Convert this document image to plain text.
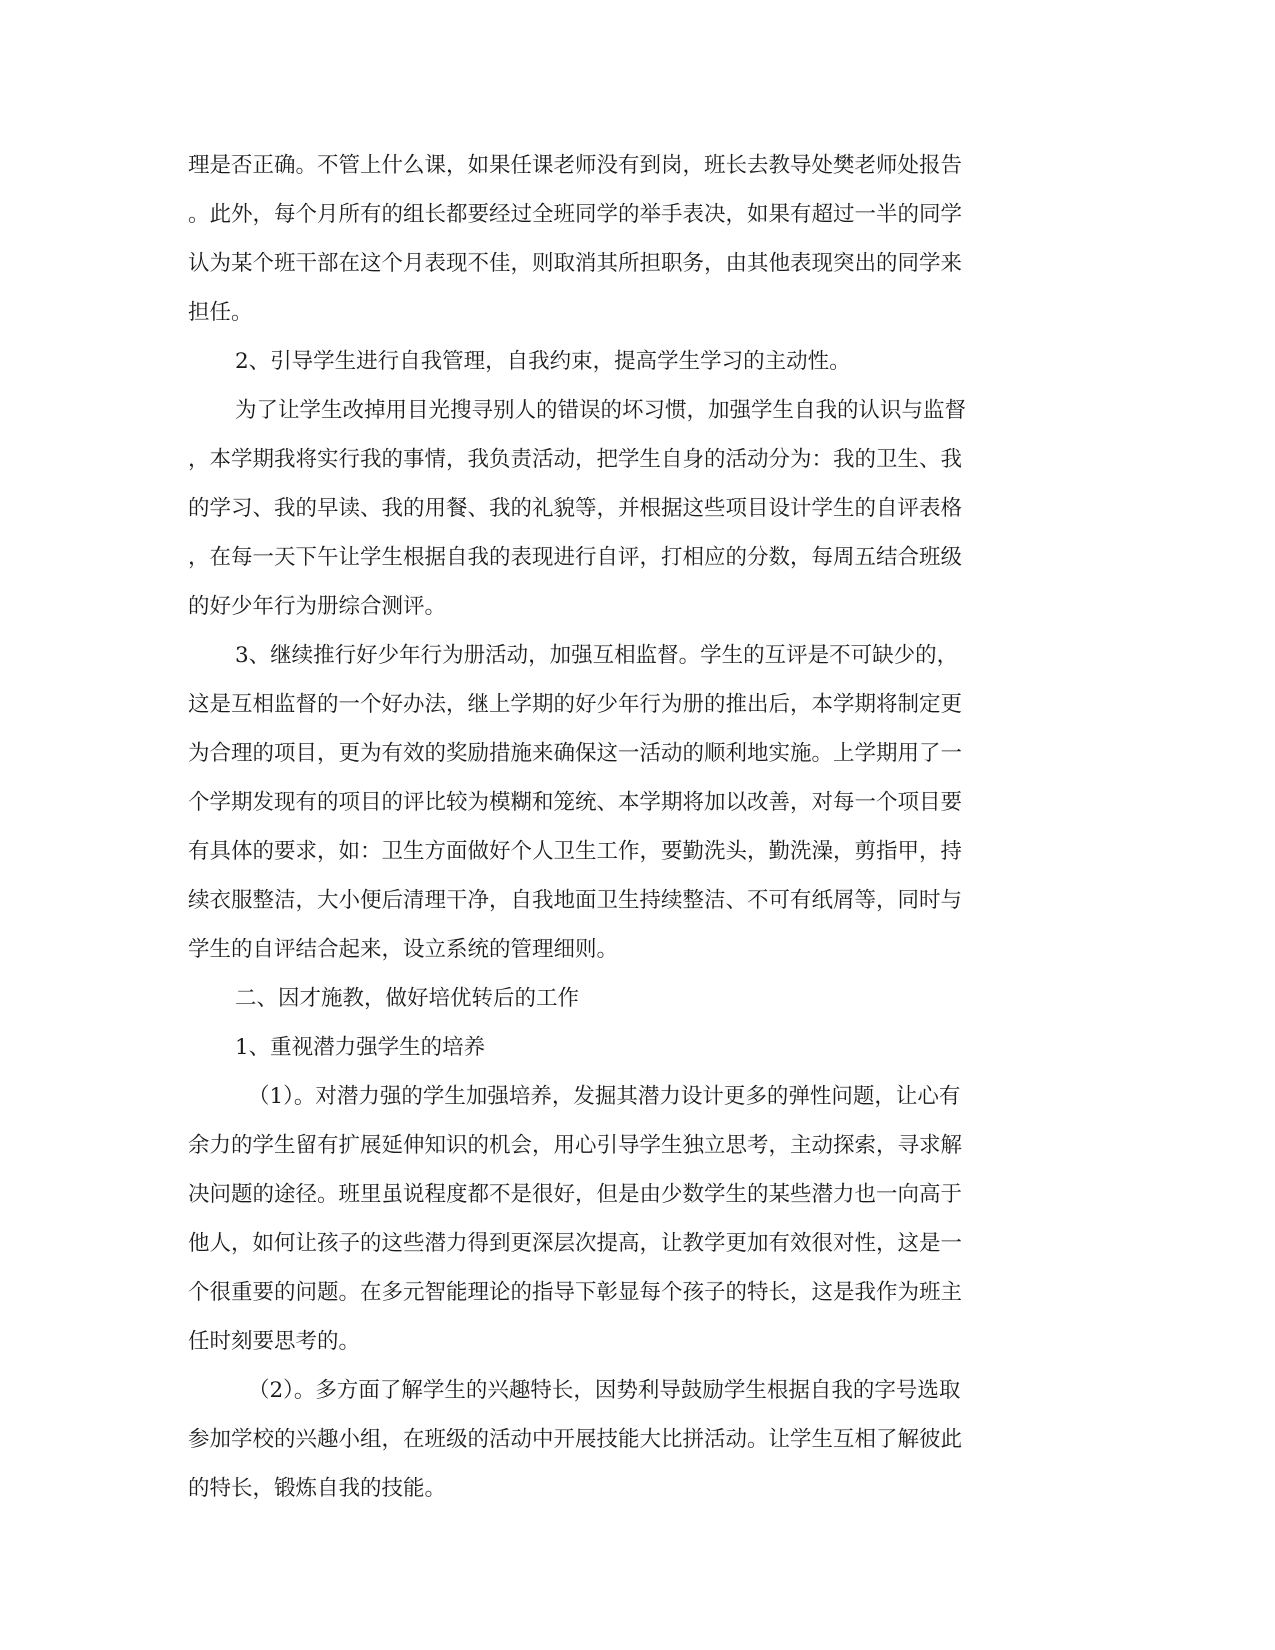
理是否正确。不管上什么课，如果任课老师没有到岗，班长去教导处樊老师处报告
。此外，每个月所有的组长都要经过全班同学的举手表决，如果有超过一半的同学
认为某个班干部在这个月表现不佳，则取消其所担职务，由其他表现突出的同学来
担任。
2、引导学生进行自我管理，自我约束，提高学生学习的主动性。
为了让学生改掉用目光搜寻别人的错误的坏习惯，加强学生自我的认识与监督
，本学期我将实行我的事情，我负责活动，把学生自身的活动分为：我的卫生、我
的学习、我的早读、我的用餐、我的礼貌等，并根据这些项目设计学生的自评表格
，在每一天下午让学生根据自我的表现进行自评，打相应的分数，每周五结合班级
的好少年行为册综合测评。
3、继续推行好少年行为册活动，加强互相监督。学生的互评是不可缺少的，
这是互相监督的一个好办法，继上学期的好少年行为册的推出后，本学期将制定更
为合理的项目，更为有效的奖励措施来确保这一活动的顺利地实施。上学期用了一
个学期发现有的项目的评比较为模糊和笼统、本学期将加以改善，对每一个项目要
有具体的要求，如：卫生方面做好个人卫生工作，要勤洗头，勤洗澡，剪指甲，持
续衣服整洁，大小便后清理干净，自我地面卫生持续整洁、不可有纸屑等，同时与
学生的自评结合起来，设立系统的管理细则。
二、因才施教，做好培优转后的工作
1、重视潜力强学生的培养
（1）。对潜力强的学生加强培养，发掘其潜力设计更多的弹性问题，让心有
余力的学生留有扩展延伸知识的机会，用心引导学生独立思考，主动探索，寻求解
决问题的途径。班里虽说程度都不是很好，但是由少数学生的某些潜力也一向高于
他人，如何让孩子的这些潜力得到更深层次提高，让教学更加有效很对性，这是一
个很重要的问题。在多元智能理论的指导下彰显每个孩子的特长，这是我作为班主
任时刻要思考的。
（2）。多方面了解学生的兴趣特长，因势利导鼓励学生根据自我的字号选取
参加学校的兴趣小组，在班级的活动中开展技能大比拼活动。让学生互相了解彼此
的特长，锻炼自我的技能。
